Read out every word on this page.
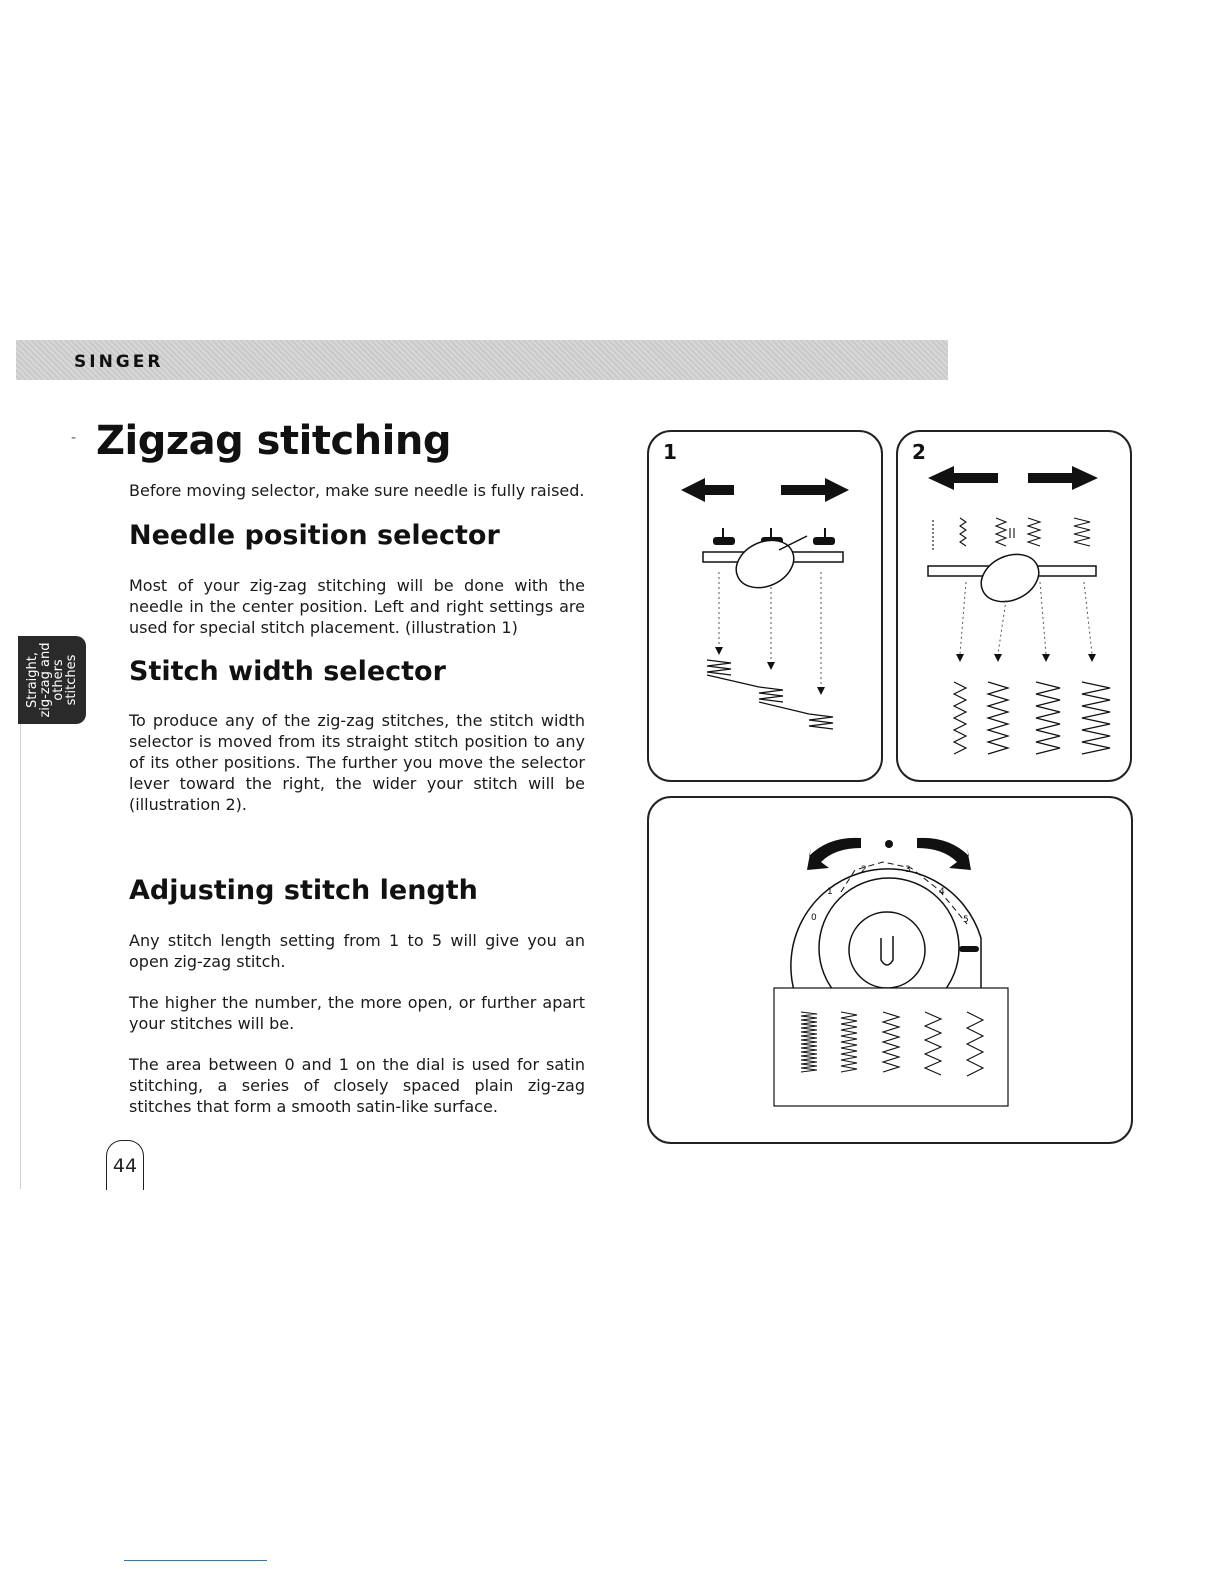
SINGER
Straight,
zig-zag and
others
stitches
- Zigzag stitching

Before moving selector, make sure needle is fully raised.

Needle position selector

Most of your zig-zag stitching will be done with the needle in the center position. Left and right settings are used for special stitch placement. (illustration 1)

Stitch width selector

To produce any of the zig-zag stitches, the stitch width selector is moved from its straight stitch position to any of its other positions. The further you move the selector lever toward the right, the wider your stitch will be (illustration 2).

Adjusting stitch length

Any stitch length setting from 1 to 5 will give you an open zig-zag stitch.

The higher the number, the more open, or further apart your stitches will be.

The area between 0 and 1 on the dial is used for satin stitching, a series of closely spaced plain zig-zag stitches that form a smooth satin-like surface.

44
1	2
0
1
2	3
4
5
